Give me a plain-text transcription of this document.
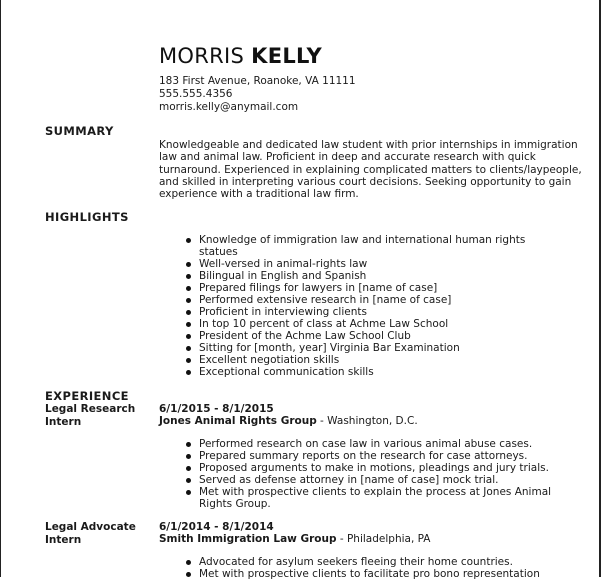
MORRIS KELLY
183 First Avenue, Roanoke, VA 11111
555.555.4356
morris.kelly@anymail.com
SUMMARY
Knowledgeable and dedicated law student with prior internships in immigration law and animal law. Proficient in deep and accurate research with quick turnaround. Experienced in explaining complicated matters to clients/laypeople, and skilled in interpreting various court decisions. Seeking opportunity to gain experience with a traditional law firm.
HIGHLIGHTS
Knowledge of immigration law and international human rights statues
Well-versed in animal-rights law
Bilingual in English and Spanish
Prepared filings for lawyers in [name of case]
Performed extensive research in [name of case]
Proficient in interviewing clients
In top 10 percent of class at Achme Law School
President of the Achme Law School Club
Sitting for [month, year] Virginia Bar Examination
Excellent negotiation skills
Exceptional communication skills
EXPERIENCE
Legal Research Intern
6/1/2015 - 8/1/2015
Jones Animal Rights Group - Washington, D.C.
Performed research on case law in various animal abuse cases.
Prepared summary reports on the research for case attorneys.
Proposed arguments to make in motions, pleadings and jury trials.
Served as defense attorney in [name of case] mock trial.
Met with prospective clients to explain the process at Jones Animal Rights Group.
Legal Advocate Intern
6/1/2014 - 8/1/2014
Smith Immigration Law Group - Philadelphia, PA
Advocated for asylum seekers fleeing their home countries.
Met with prospective clients to facilitate pro bono representation
